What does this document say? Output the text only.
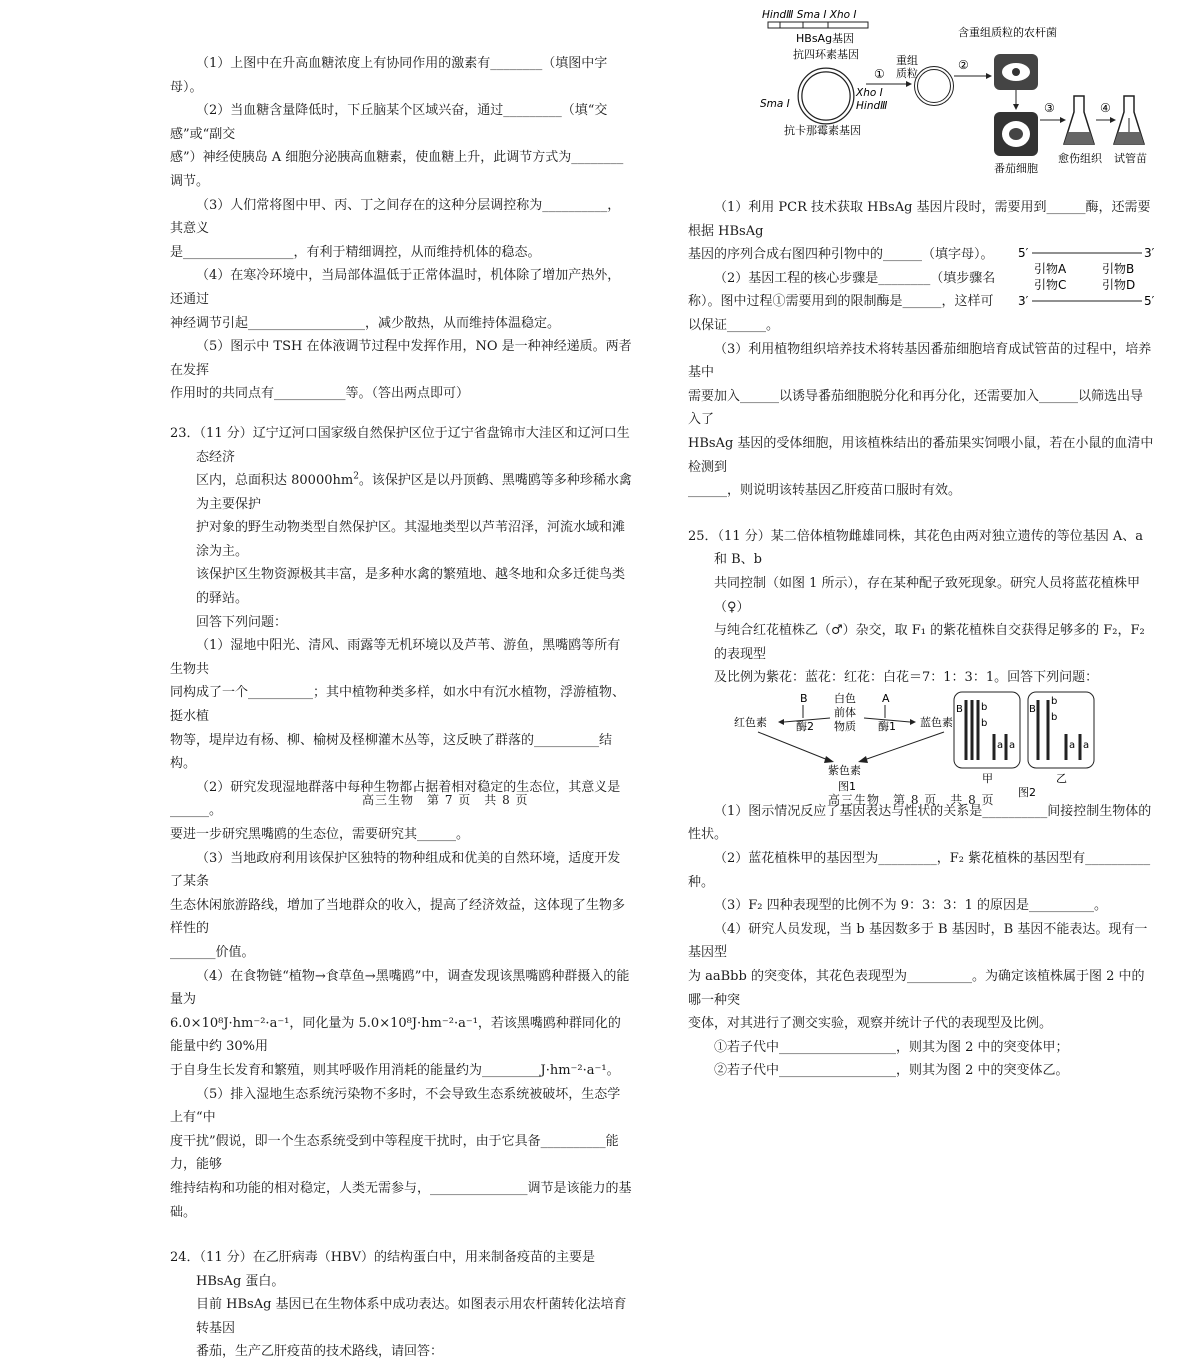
（1）上图中在升高血糖浓度上有协同作用的激素有________（填图中字母）。

（2）当血糖含量降低时，下丘脑某个区域兴奋，通过_________（填“交感”或“副交

感”）神经使胰岛 A 细胞分泌胰高血糖素，使血糖上升，此调节方式为________调节。

（3）人们常将图中甲、丙、丁之间存在的这种分层调控称为__________，其意义

是_________________，有利于精细调控，从而维持机体的稳态。

（4）在寒冷环境中，当局部体温低于正常体温时，机体除了增加产热外，还通过

神经调节引起__________________，减少散热，从而维持体温稳定。

（5）图示中 TSH 在体液调节过程中发挥作用，NO 是一种神经递质。两者在发挥

作用时的共同点有___________等。（答出两点即可）

23．（11 分）辽宁辽河口国家级自然保护区位于辽宁省盘锦市大洼区和辽河口生态经济

区内，总面积达 $80000hm^2$。该保护区是以丹顶鹤、黑嘴鸥等多种珍稀水禽为主要保护

护对象的野生动物类型自然保护区。其湿地类型以芦苇沼泽，河流水域和滩涂为主。

该保护区生物资源极其丰富，是多种水禽的繁殖地、越冬地和众多迁徙鸟类的驿站。

回答下列问题：

（1）湿地中阳光、清风、雨露等无机环境以及芦苇、游鱼，黑嘴鸥等所有生物共

同构成了一个__________；其中植物种类多样，如水中有沉水植物，浮游植物、挺水植

物等，堤岸边有杨、柳、榆树及柽柳灌木丛等，这反映了群落的__________结构。

（2）研究发现湿地群落中每种生物都占据着相对稳定的生态位，其意义是______。

要进一步研究黑嘴鸥的生态位，需要研究其______。

（3）当地政府利用该保护区独特的物种组成和优美的自然环境，适度开发了某条

生态休闲旅游路线，增加了当地群众的收入，提高了经济效益，这体现了生物多样性的

_______价值。

（4）在食物链“植物→食草鱼→黑嘴鸥”中，调查发现该黑嘴鸥种群摄入的能量为

6.0×10⁸J·hm⁻²·a⁻¹，同化量为 5.0×10⁸J·hm⁻²·a⁻¹，若该黑嘴鸥种群同化的能量中约 30%用

于自身生长发育和繁殖，则其呼吸作用消耗的能量约为_________J·hm⁻²·a⁻¹。

（5）排入湿地生态系统污染物不多时，不会导致生态系统被破坏，生态学上有“中

度干扰”假说，即一个生态系统受到中等程度干扰时，由于它具备__________能力，能够

维持结构和功能的相对稳定，人类无需参与，_______________调节是该能力的基础。

24．（11 分）在乙肝病毒（HBV）的结构蛋白中，用来制备疫苗的主要是 HBsAg 蛋白。

目前 HBsAg 基因已在生物体系中成功表达。如图表示用农杆菌转化法培育转基因

番茄，生产乙肝疫苗的技术路线，请回答：

高三生物　第 7 页　共 8 页
HindⅢ Sma Ⅰ Xho Ⅰ
HBsAg基因
抗四环素基因
Xho Ⅰ
HindⅢ
Sma Ⅰ
抗卡那霉素基因
①
重组
质粒
②
含重组质粒的农杆菌
番茄细胞
③
愈伤组织
④
试管苗

（1）利用 PCR 技术获取 HBsAg 基因片段时，需要用到______酶，还需要根据 HBsAg

基因的序列合成右图四种引物中的______（填字母）。

（2）基因工程的核心步骤是________（填步骤名

称）。图中过程①需要用到的限制酶是______，这样可

以保证______。

5′	3′
引物A	引物B
引物C	引物D
3′	5′

（3）利用植物组织培养技术将转基因番茄细胞培育成试管苗的过程中，培养基中

需要加入______以诱导番茄细胞脱分化和再分化，还需要加入______以筛选出导入了

HBsAg 基因的受体细胞，用该植株结出的番茄果实饲喂小鼠，若在小鼠的血清中检测到

______，则说明该转基因乙肝疫苗口服时有效。

25．（11 分）某二倍体植物雌雄同株，其花色由两对独立遗传的等位基因 A、a 和 B、b

共同控制（如图 1 所示），存在某种配子致死现象。研究人员将蓝花植株甲（♀）

与纯合红花植株乙（♂）杂交，取 F₁ 的紫花植株自交获得足够多的 F₂，F₂ 的表现型

及比例为紫花：蓝花：红花：白花＝7：1：3：1。回答下列问题：

B
酶2
A
酶1
白色
前体
物质
红色素	蓝色素
紫色素
图1
B b
b
a a
B
b
b
a a
甲	乙
图2

（1）图示情况反应了基因表达与性状的关系是__________间接控制生物体的性状。

（2）蓝花植株甲的基因型为_________，F₂ 紫花植株的基因型有__________种。

（3）F₂ 四种表现型的比例不为 9：3：3：1 的原因是__________。

（4）研究人员发现，当 b 基因数多于 B 基因时，B 基因不能表达。现有一基因型

为 aaBbb 的突变体，其花色表现型为__________。为确定该植株属于图 2 中的哪一种突

变体，对其进行了测交实验，观察并统计子代的表现型及比例。

①若子代中__________________，则其为图 2 中的突变体甲；

②若子代中__________________，则其为图 2 中的突变体乙。

高三生物　第 8 页　共 8 页
